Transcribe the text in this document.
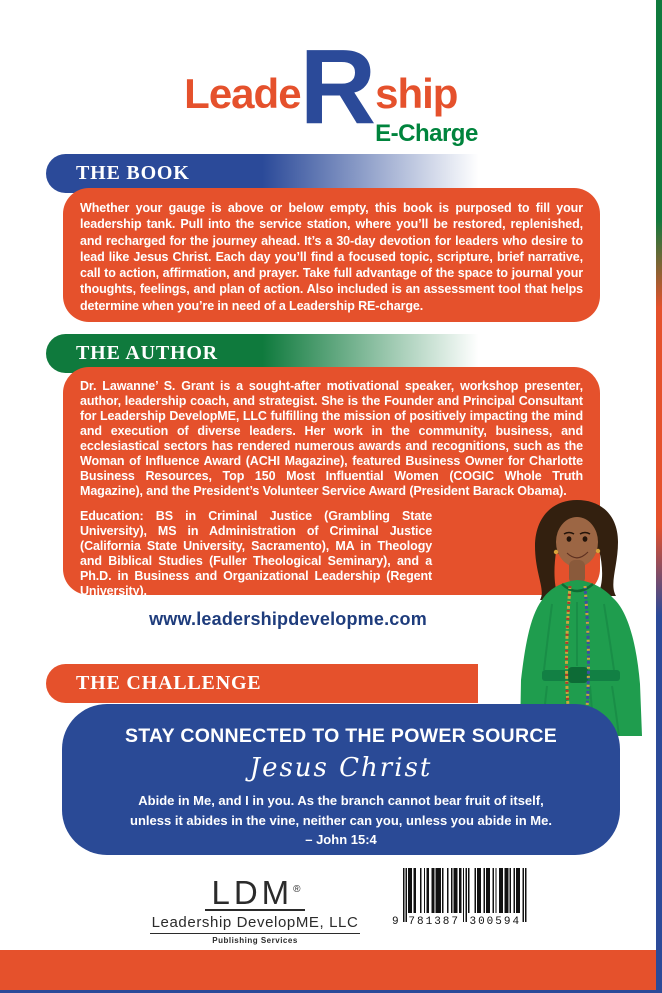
Leade R ship
E-Charge
THE BOOK
Whether your gauge is above or below empty, this book is purposed to fill your leadership tank. Pull into the service station, where you’ll be restored, replenished, and recharged for the journey ahead. It’s a 30-day devotion for leaders who desire to lead like Jesus Christ. Each day you’ll find a focused topic, scripture, brief narrative, call to action, affirmation, and prayer. Take full advantage of the space to journal your thoughts, feelings, and plan of action. Also included is an assessment tool that helps determine when you’re in need of a Leadership RE-charge.
THE AUTHOR
Dr. Lawanne’ S. Grant is a sought-after motivational speaker, workshop presenter, author, leadership coach, and strategist. She is the Founder and Principal Consultant for Leadership DevelopME, LLC fulfilling the mission of positively impacting the mind and execution of diverse leaders. Her work in the community, business, and ecclesiastical sectors has rendered numerous awards and recognitions, such as the Woman of Influence Award (ACHI Magazine), featured Business Owner for Charlotte Business Resources, Top 150 Most Influential Women (COGIC Whole Truth Magazine), and the President’s Volunteer Service Award (President Barack Obama).
Education: BS in Criminal Justice (Grambling State University), MS in Administration of Criminal Justice (California State University, Sacramento), MA in Theology and Biblical Studies (Fuller Theological Seminary), and a Ph.D. in Business and Organizational Leadership (Regent University).
www.leadershipdevelopme.com
THE CHALLENGE
STAY CONNECTED TO THE POWER SOURCE
Jesus Christ
Abide in Me, and I in you. As the branch cannot bear fruit of itself,
unless it abides in the vine, neither can you, unless you abide in Me.
– John 15:4
LDM®
Leadership DevelopME, LLC
Publishing Services
9 781387 300594
